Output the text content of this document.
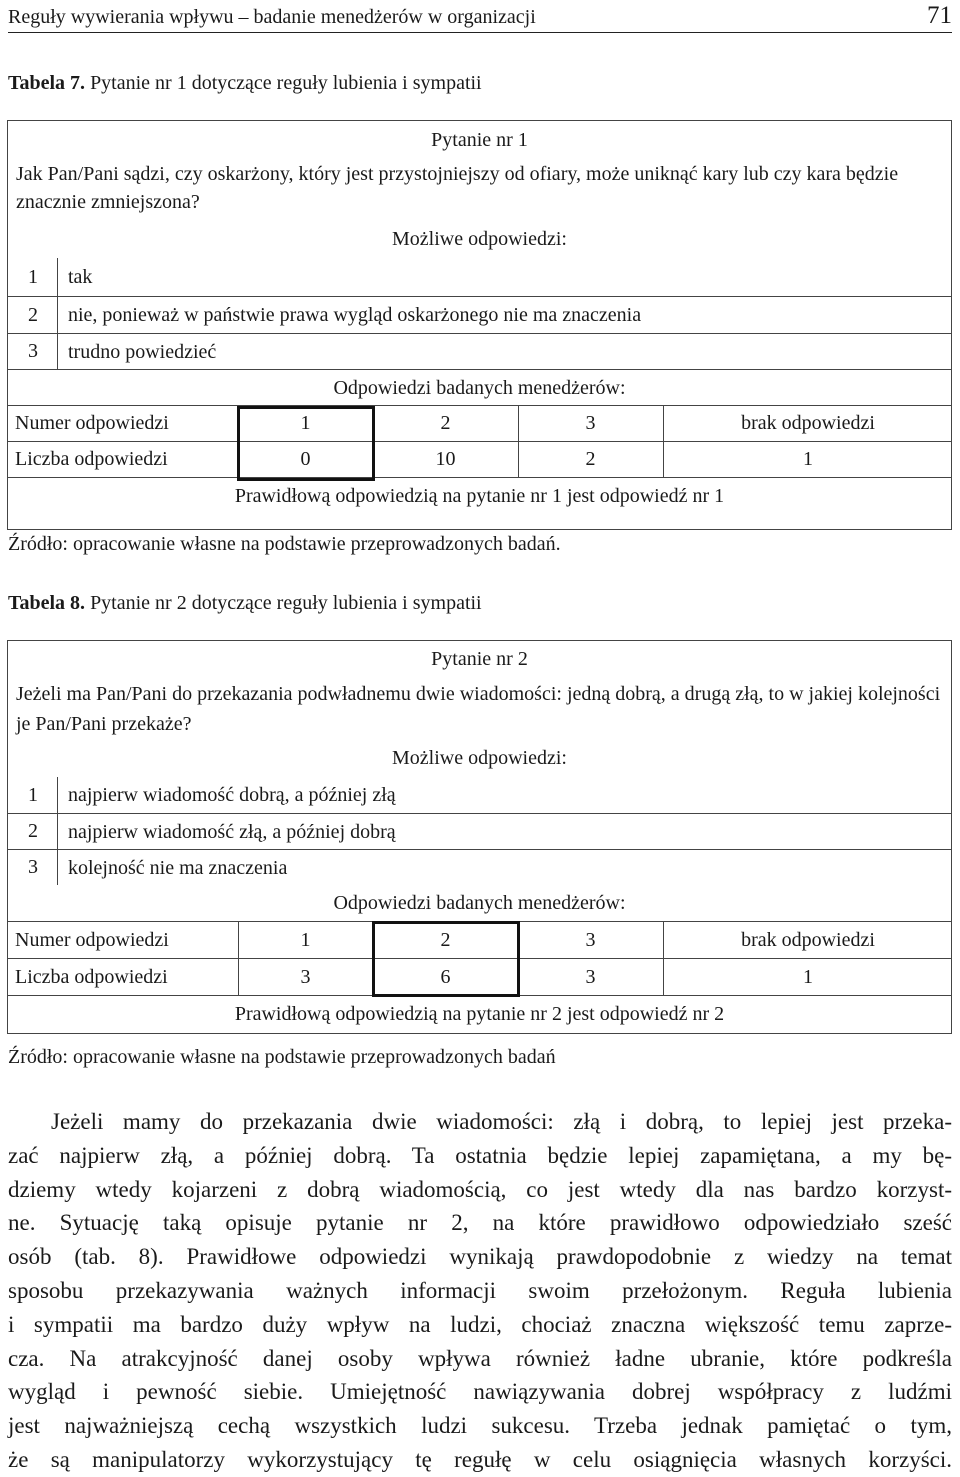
Reguły wywierania wpływu – badanie menedżerów w organizacji	71
Tabela 7. Pytanie nr 1 dotyczące reguły lubienia i sympatii
Pytanie nr 1
Jak Pan/Pani sądzi, czy oskarżony, który jest przystojniejszy od ofiary, może uniknąć kary lub czy kara będzie znacznie zmniejszona?
Możliwe odpowiedzi:
1	tak
2	nie, ponieważ w państwie prawa wygląd oskarżonego nie ma znaczenia
3	trudno powiedzieć
Odpowiedzi badanych menedżerów:
Numer odpowiedzi	1	2	3	brak odpowiedzi
Liczba odpowiedzi	0	10	2	1
Prawidłową odpowiedzią na pytanie nr 1 jest odpowiedź nr 1
Źródło: opracowanie własne na podstawie przeprowadzonych badań.
Tabela 8. Pytanie nr 2 dotyczące reguły lubienia i sympatii
Pytanie nr 2
Jeżeli ma Pan/Pani do przekazania podwładnemu dwie wiadomości: jedną dobrą, a drugą złą, to w jakiej kolejności je Pan/Pani przekaże?
Możliwe odpowiedzi:
1	najpierw wiadomość dobrą, a później złą
2	najpierw wiadomość złą, a później dobrą
3	kolejność nie ma znaczenia
Odpowiedzi badanych menedżerów:
Numer odpowiedzi	1	2	3	brak odpowiedzi
Liczba odpowiedzi	3	6	3	1
Prawidłową odpowiedzią na pytanie nr 2 jest odpowiedź nr 2
Źródło: opracowanie własne na podstawie przeprowadzonych badań
Jeżeli mamy do przekazania dwie wiadomości: złą i dobrą, to lepiej jest przeka-
zać najpierw złą, a później dobrą. Ta ostatnia będzie lepiej zapamiętana, a my bę-
dziemy wtedy kojarzeni z dobrą wiadomością, co jest wtedy dla nas bardzo korzyst-
ne. Sytuację taką opisuje pytanie nr 2, na które prawidłowo odpowiedziało sześć
osób (tab. 8). Prawidłowe odpowiedzi wynikają prawdopodobnie z wiedzy na temat
sposobu przekazywania ważnych informacji swoim przełożonym. Reguła lubienia
i sympatii ma bardzo duży wpływ na ludzi, chociaż znaczna większość temu zaprze-
cza. Na atrakcyjność danej osoby wpływa również ładne ubranie, które podkreśla
wygląd i pewność siebie. Umiejętność nawiązywania dobrej współpracy z ludźmi
jest najważniejszą cechą wszystkich ludzi sukcesu. Trzeba jednak pamiętać o tym,
że są manipulatorzy wykorzystujący tę regułę w celu osiągnięcia własnych korzyści.
